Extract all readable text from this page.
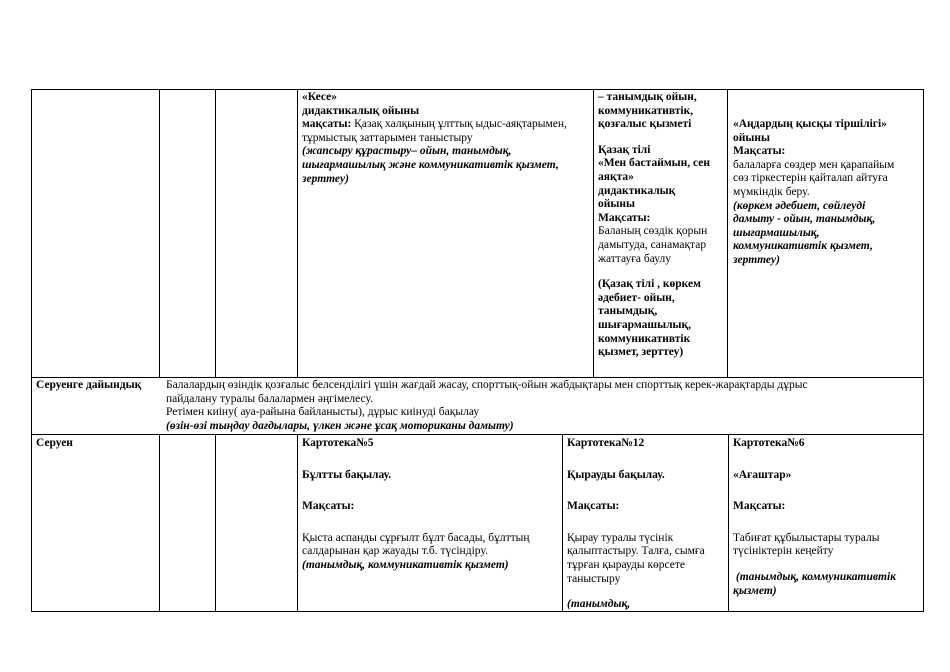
«Кесе»
дидактикалық ойыны
мақсаты: Қазақ халқының ұлттық ыдыс-аяқтарымен, тұрмыстық заттарымен таныстыру
(жапсыру құрастыру– ойын, танымдық, шығармашылық және коммуникативтік қызмет, зерттеу)
– танымдық ойын,
коммуникативтік,
қозғалыс қызметі
Қазақ тілі
«Мен бастаймын, сен
аяқта»
дидактикалық
ойыны
Мақсаты:
Баланың сөздік қорын
дамытуда, санамақтар
жаттауға баулу
(Қазақ тілі , көркем
әдебиет- ойын,
танымдық,
шығармашылық,
коммуникативтік
қызмет, зерттеу)
«Аңдардың қысқы тіршілігі»
ойыны
Мақсаты:
балаларға сөздер мен қарапайым
сөз тіркестерін қайталап айтуға
мүмкіндік беру.
(көркем әдебиет, сөйлеуді
дамыту - ойын, танымдық,
шығармашылық,
коммуникативтік қызмет,
зерттеу)
Серуенге дайындық Балалардың өзіндік қозғалыс белсенділігі үшін жағдай жасау, спорттық-ойын жабдықтары мен спорттық керек-жарақтарды дұрыс
пайдалану туралы балалармен әңгімелесу.
Ретімен киіну( ауа-райына байланысты), дұрыс киінуді бақылау
(өзін-өзі тыңдау дағдылары, үлкен және ұсақ моториканы дамыту)
Серуен	Картотека№5
Бұлтты бақылау.
Мақсаты:
Қыста аспанды сұрғылт бұлт басады, бұлттың
салдарынан қар жауады т.б. түсіндіру.
(танымдық, коммуникативтік қызмет)
Картотека№12
Қырауды бақылау.
Мақсаты:
Қырау туралы түсінік
қалыптастыру. Талға, сымға
тұрған қырауды көрсете
таныстыру
(танымдық,
Картотека№6
«Ағаштар»
Мақсаты:
Табиғат құбылыстары туралы
түсініктерін кеңейту
(танымдық, коммуникативтік
қызмет)
